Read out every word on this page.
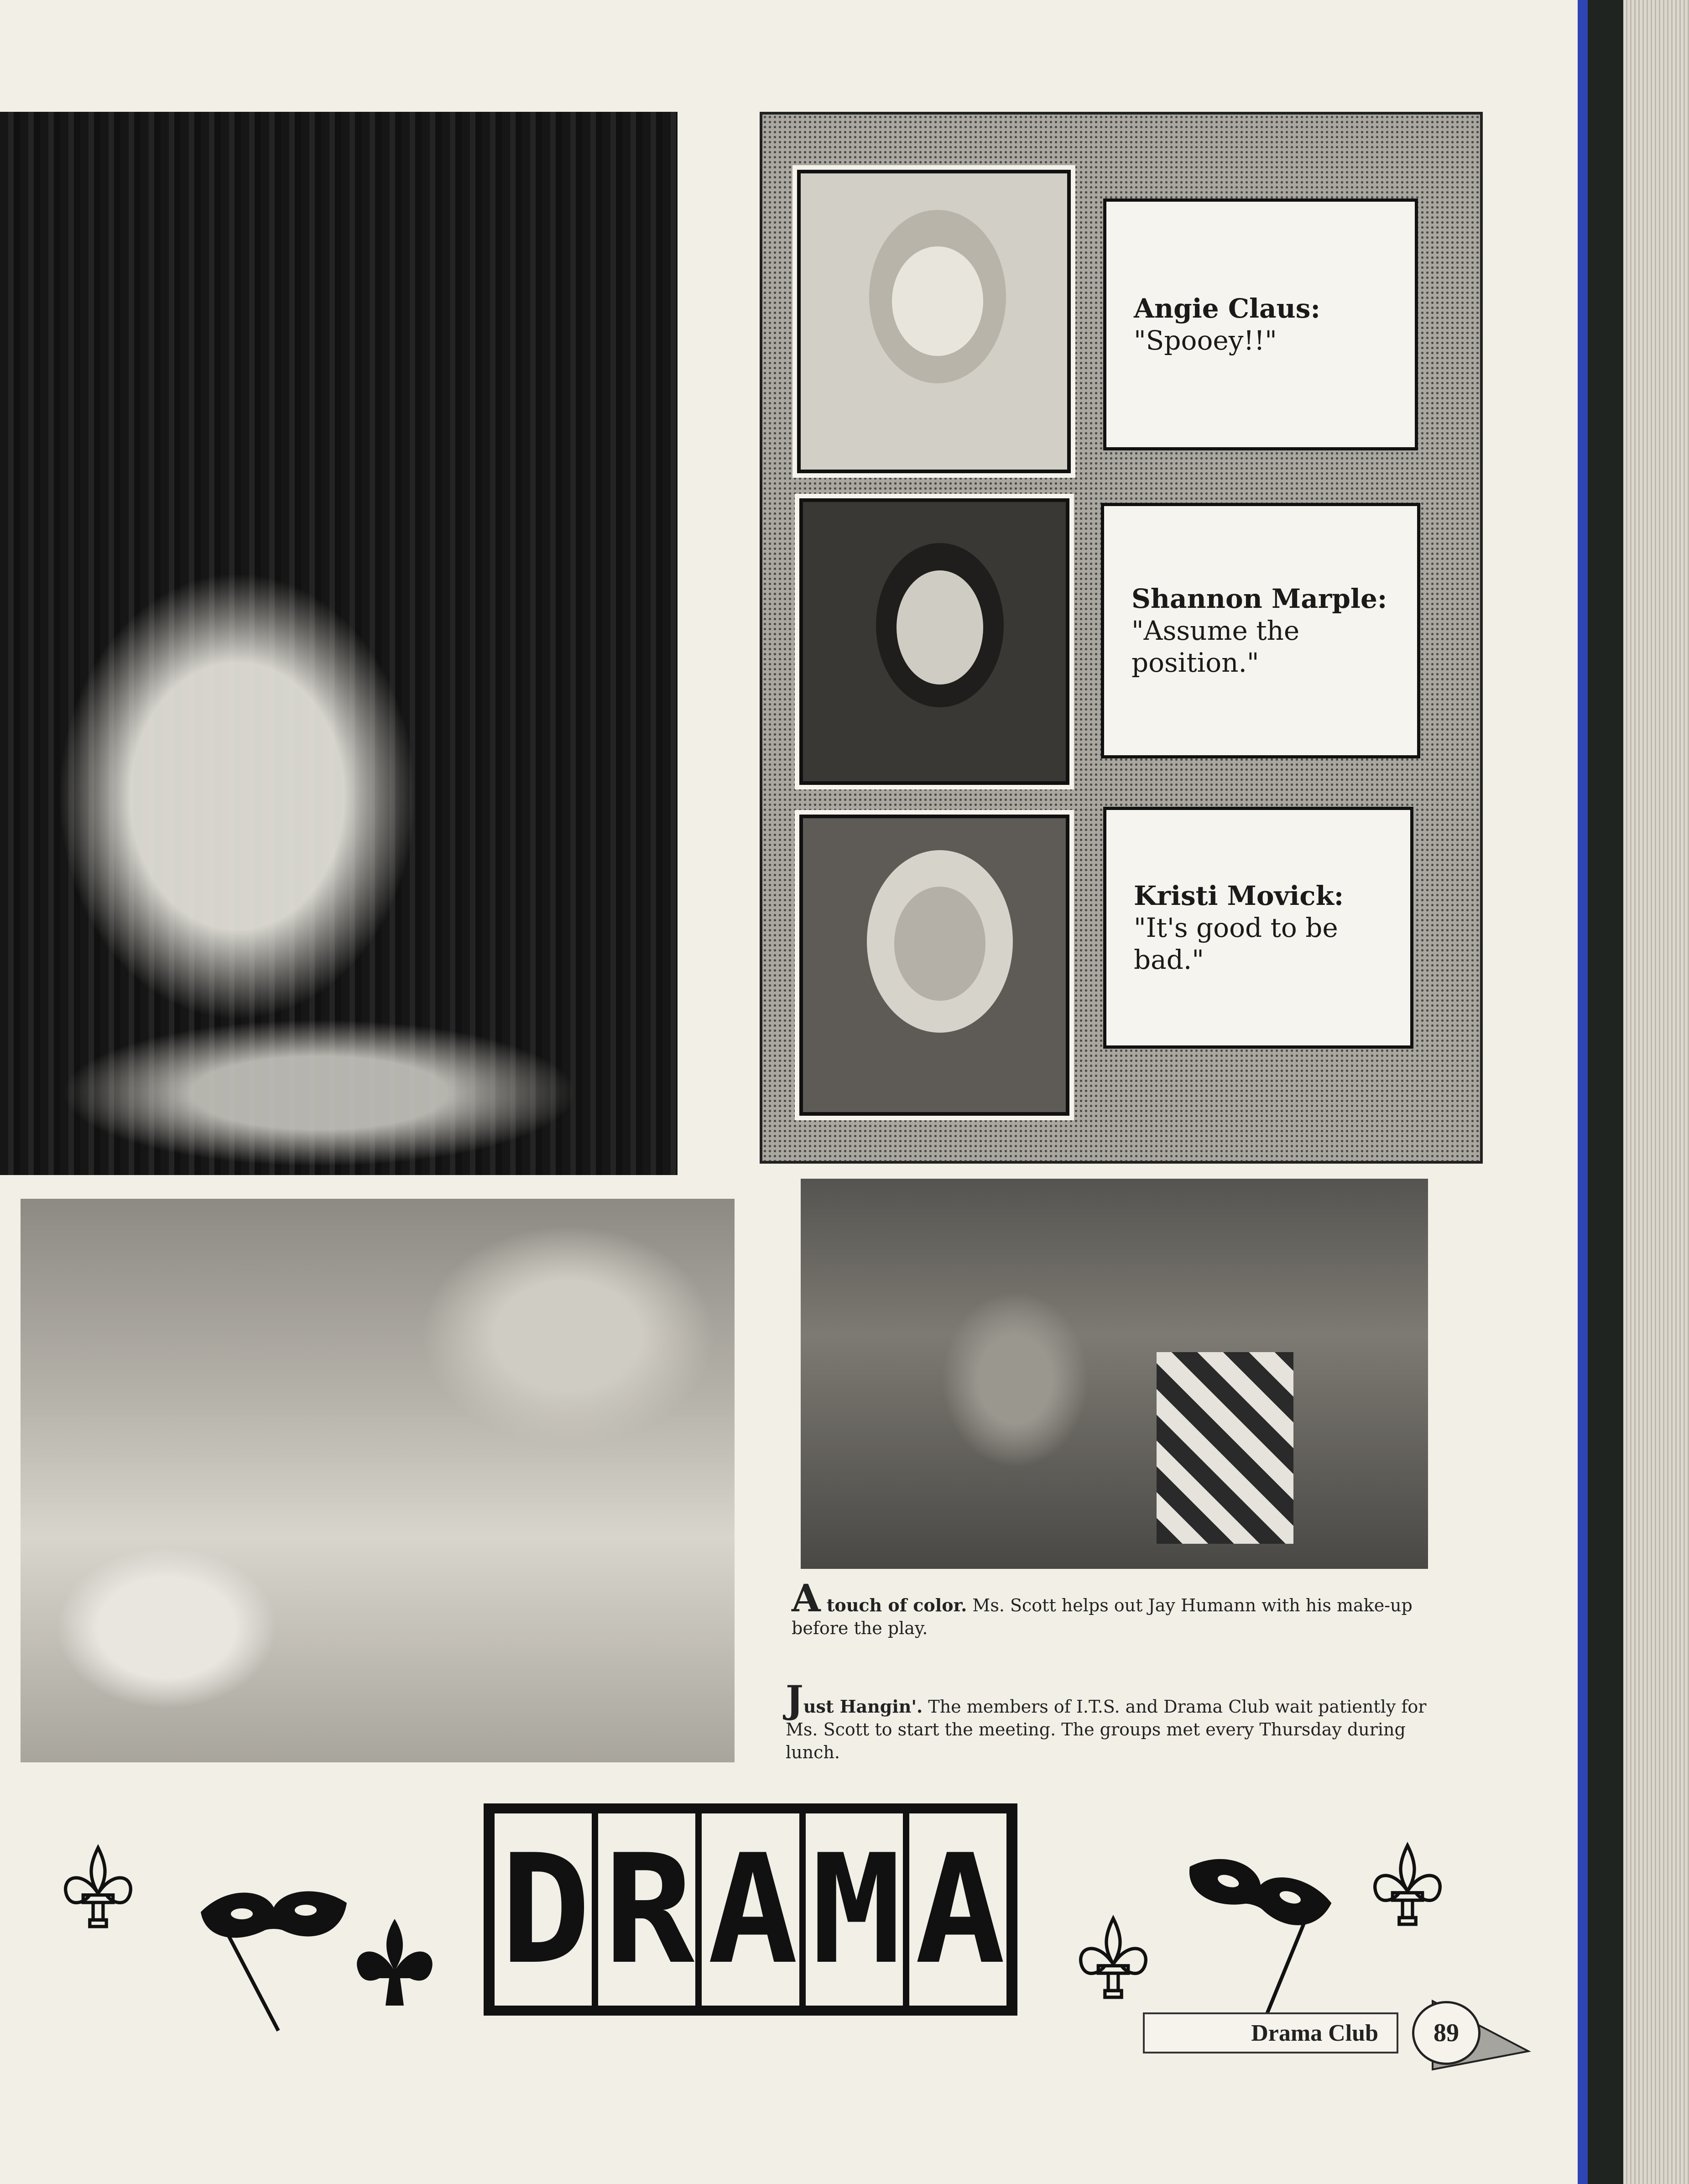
Angie Claus:
"Spooey!!"
Shannon Marple:
"Assume the position."
Kristi Movick:
"It's good to be bad."
A touch of color. Ms. Scott helps out Jay Humann with his make-up before the play.
Just Hangin'. The members of I.T.S. and Drama Club wait patiently for Ms. Scott to start the meeting. The groups met every Thursday during lunch.
D R A M A
Drama Club	89
